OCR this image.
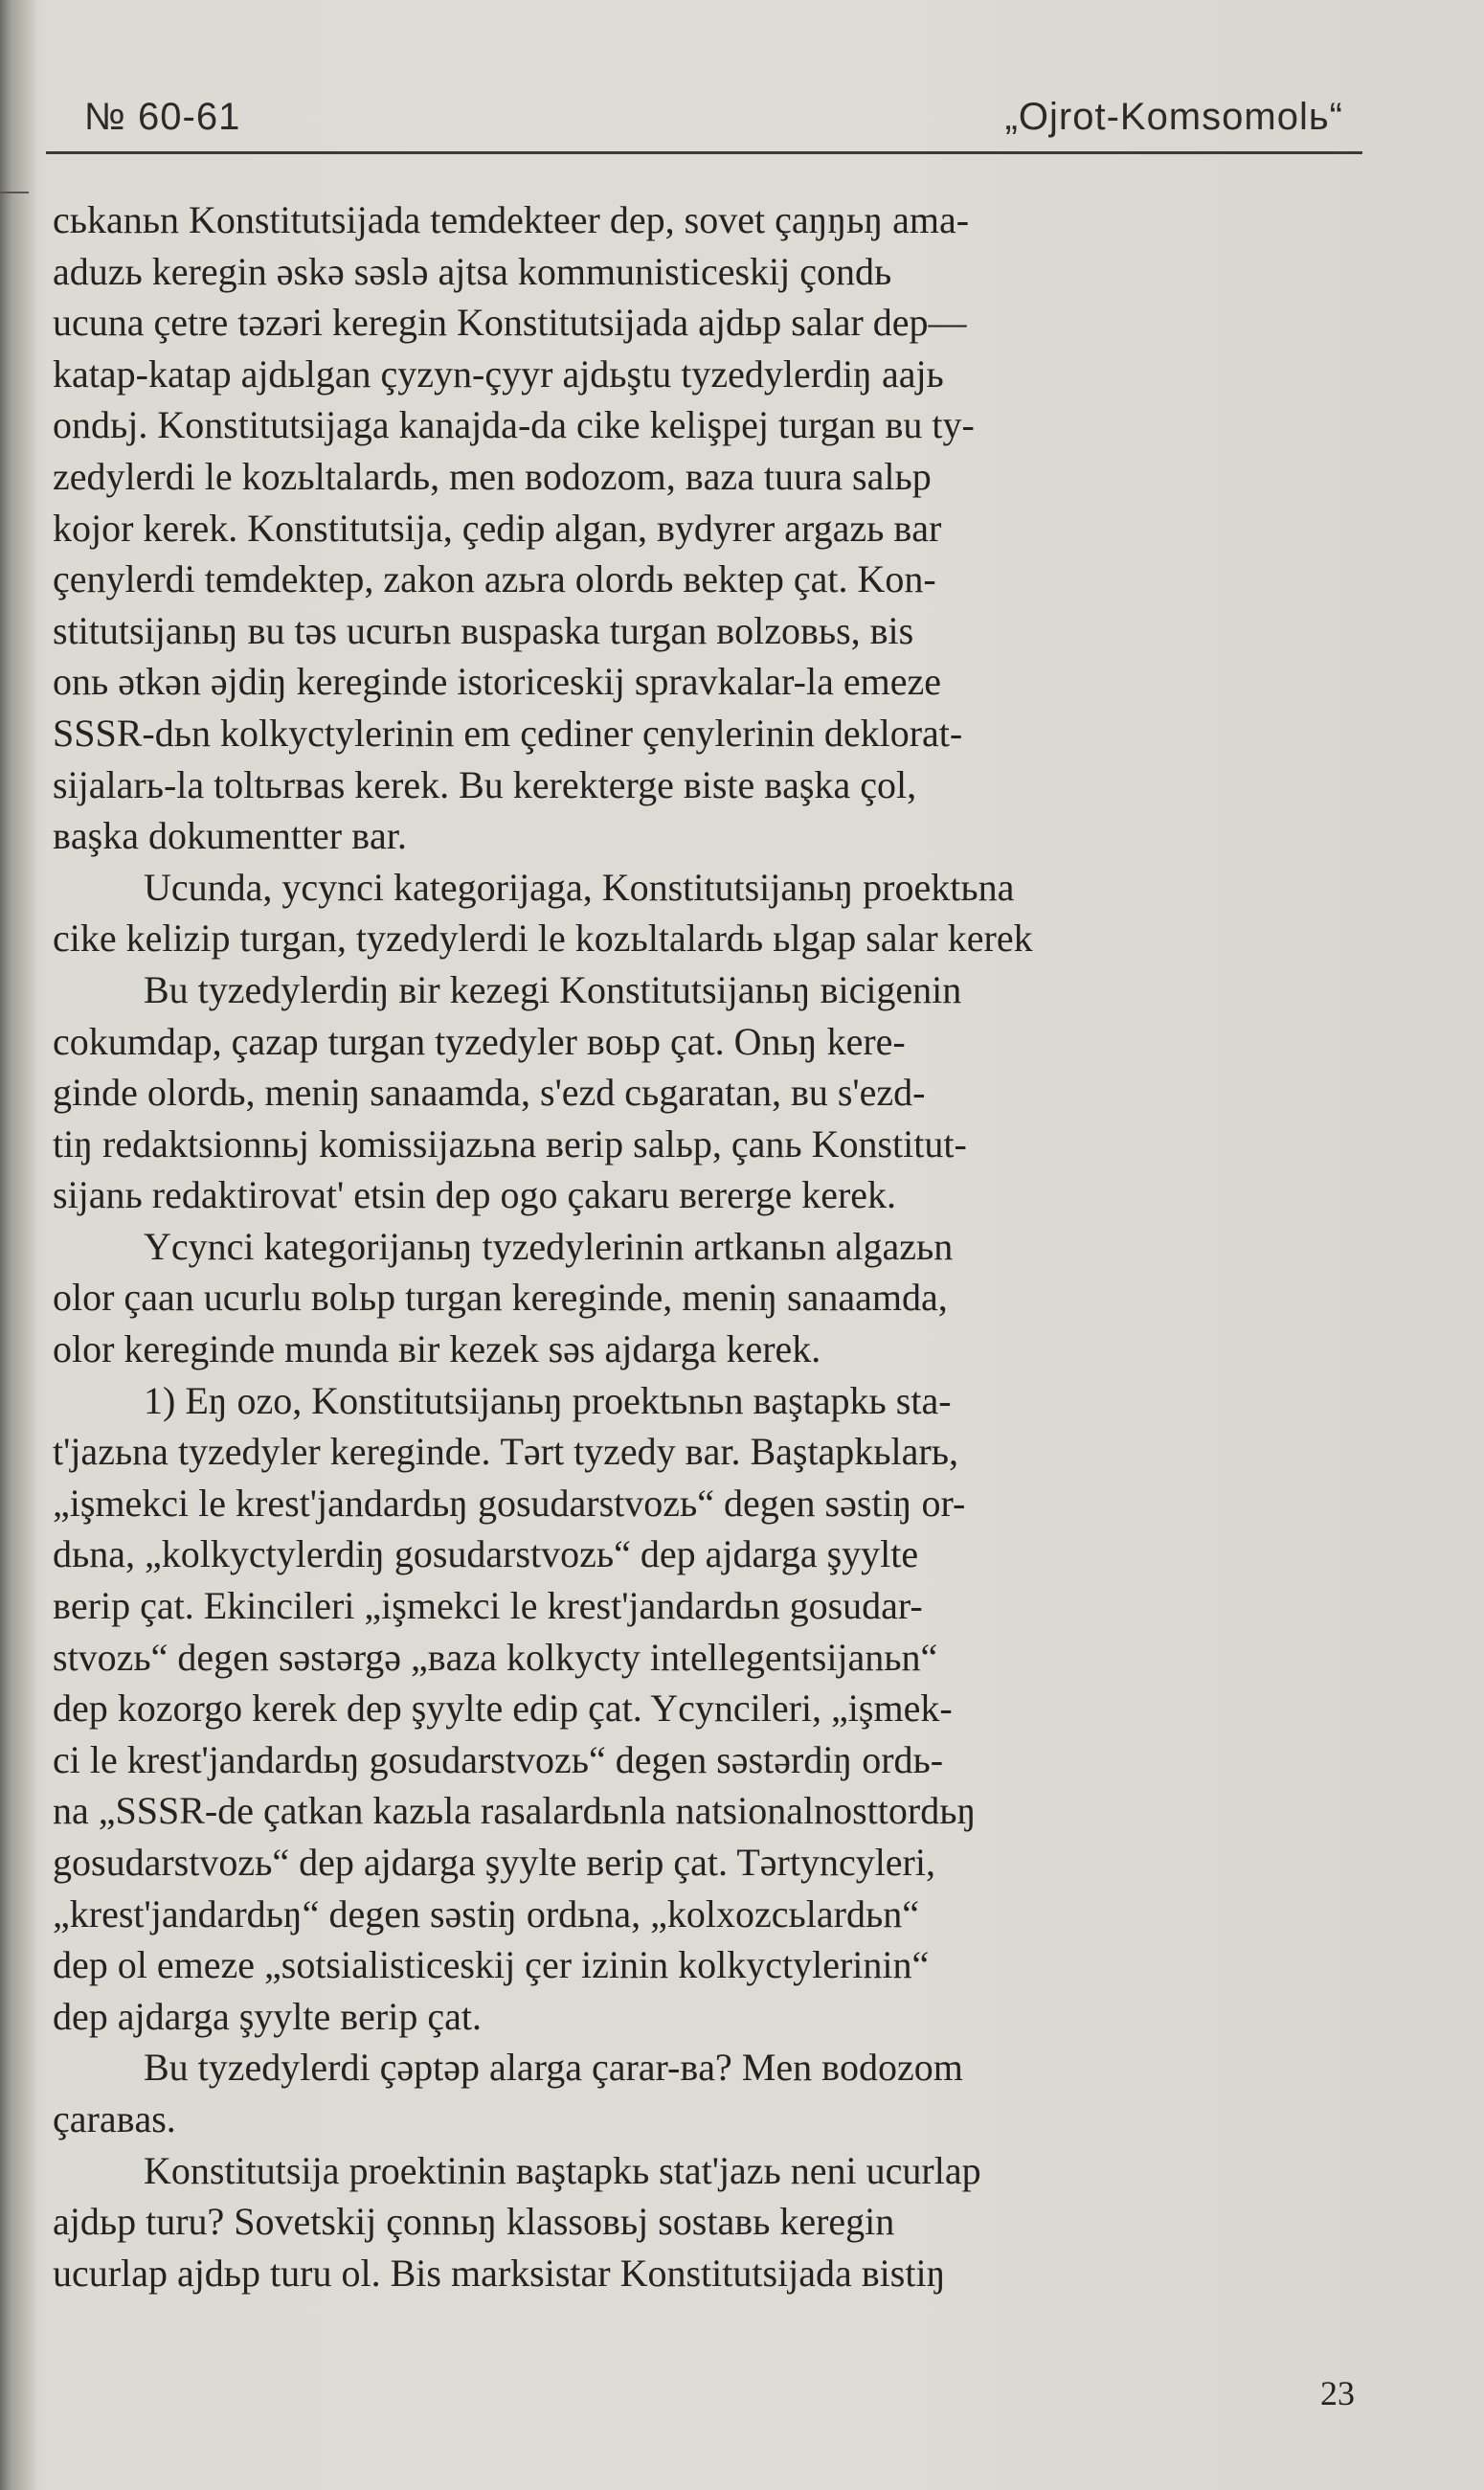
№ 60-61	„Ojrot-Komsomolь“
сьkanьn Konstitutsijada temdekteer dep, sovet çaŋŋьŋ ama-
aduzь keregin əskə səslə ajtsa kommunisticeskij çondь
ucuna çetre təzəri keregin Konstitutsijada ajdьp salar dep—
katap-katap ajdьlgan çyzyn-çyyr ajdьştu tyzedylerdiŋ aajь
ondьj. Konstitutsijaga kanajda-da cike kelişpej turgan ʙu ty-
zedylerdi le kozьltalardь, men ʙodozom, ʙaza tuura salьp
kojor kerek. Konstitutsija, çedip algan, ʙydyrer argazь ʙar
çenylerdi temdektep, zakon azьra olordь ʙektep çat. Kon-
stitutsijanьŋ ʙu təs ucurьn ʙuspaska turgan ʙolzoʙьs, ʙis
onь ətkən əjdiŋ keregindе istoriceskij spravkalar-la emeze
SSSR-dьn kolkyctylerinin em çediner çenylerinin deklorat-
sijalarь-la toltьrʙas kerek. Bu kerekterge ʙiste ʙaşka çol,
ʙaşka dokumentter ʙar.
Ucunda, ycynci kategorijaga, Konstitutsijanьŋ proektьna
cike kelizip turgan, tyzedylerdi le kozьltalardь ьlgap salar kerek
Bu tyzedylerdiŋ ʙir kezegi Konstitutsijanьŋ ʙicigenin
cokumdap, çazap turgan tyzedyler ʙoьp çat. Onьŋ kere-
ginde olordь, meniŋ sanaamda, s'ezd сьgaratan, ʙu s'ezd-
tiŋ redaktsionnьj komissijazьna ʙerip salьp, çanь Konstitut-
sijanь redaktirovat' etsin dep ogo çakaru ʙererge kerek.
Ycynci kategorijanьŋ tyzedylerinin artkanьn algazьn
olor çaan ucurlu ʙolьp turgan keregindе, meniŋ sanaamda,
olor keregindе munda ʙir kezek səs ajdarga kerek.
1) Eŋ ozo, Konstitutsijanьŋ proektьnьn ʙaştapkь sta-
t'jazьna tyzedyler keregindе. Tərt tyzedy ʙar. Baştapkьlarь,
„işmekci le krest'jandardьŋ gosudarstvozь“ degen səstiŋ or-
dьna, „kolkyctylerdiŋ gosudarstvozь“ dep ajdarga şyylte
ʙerip çat. Ekincileri „işmekci le krest'jandardьn gosudar-
stvozь“ degen səstərgə „ʙaza kolkycty intellegentsijanьn“
dep kozorgo kerek dep şyylte edip çat. Ycyncileri, „işmek-
ci le krest'jandardьŋ gosudarstvozь“ degen səstərdiŋ ordь-
na „SSSR-de çatkan kazьla rasalardьnla natsionalnosttordьŋ
gosudarstvozь“ dep ajdarga şyylte ʙerip çat. Tərtyncyleri,
„krest'jandardьŋ“ degen səstiŋ ordьna, „kolxozcьlardьn“
dep ol emeze „sotsialisticeskij çer izinin kolkyctylerinin“
dep ajdarga şyylte ʙerip çat.
Bu tyzedylerdi çəptəp alarga çarar-ʙa? Men ʙodozom
çaraʙas.
Konstitutsija proektinin ʙaştapkь stat'jazь neni ucurlap
ajdьp turu? Sovetskij çonnьŋ klassoʙьj sostaʙь keregin
ucurlap ajdьp turu ol. Bis marksistar Konstitutsijada ʙistiŋ
23
